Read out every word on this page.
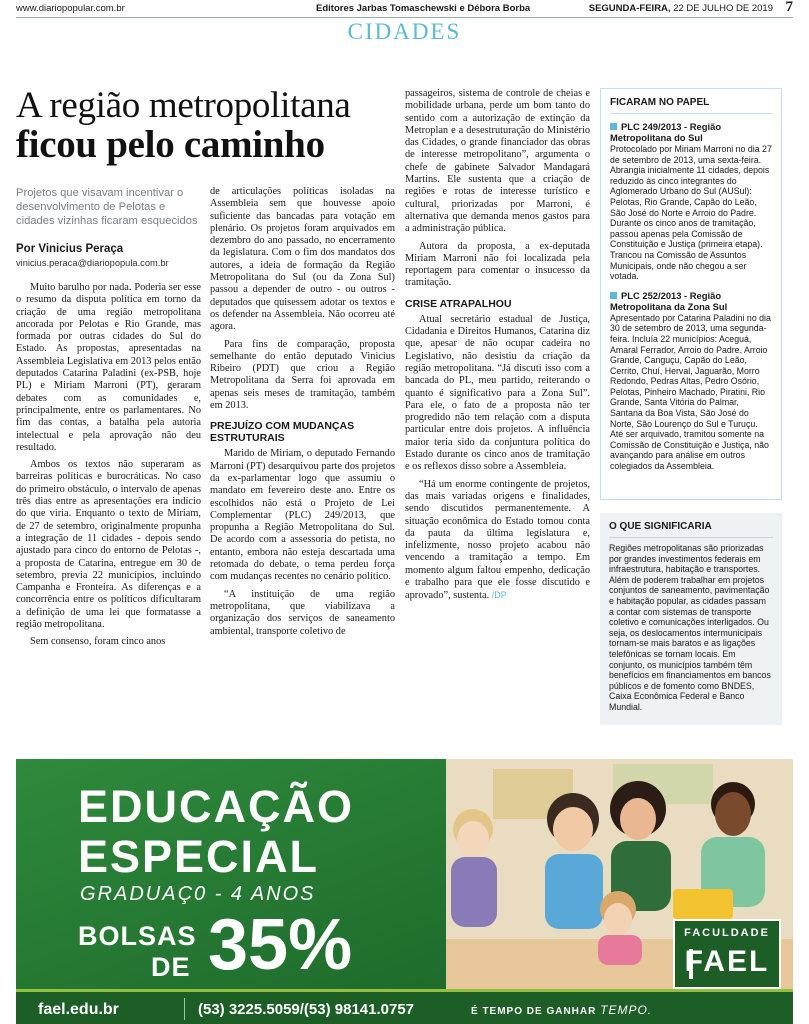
www.diariopopular.com.br	Editores Jarbas Tomaschewski e Débora Borba	SEGUNDA-FEIRA, 22 DE JULHO DE 2019 7
CIDADES
A região metropolitana
ficou pelo caminho

Projetos que visavam incentivar o desenvolvimento de Pelotas e cidades vizinhas ficaram esquecidos

Por Vinicius Peraça
vinicius.peraca@diariopopula.com.br

Muito barulho por nada. Poderia ser esse o resumo da disputa política em torno da criação de uma região metropolitana ancorada por Pelotas e Rio Grande, mas formada por outras cidades do Sul do Estado. As propostas, apresentadas na Assembleia Legislativa em 2013 pelos então deputados Catarina Paladini (ex-PSB, hoje PL) e Miriam Marroni (PT), geraram debates com as comunidades e, principalmente, entre os parlamentares. No fim das contas, a batalha pela autoria intelectual e pela aprovação não deu resultado.

Ambos os textos não superaram as barreiras políticas e burocráticas. No caso do primeiro obstáculo, o intervalo de apenas três dias entre as apresentações era indício do que viria. Enquanto o texto de Miriam, de 27 de setembro, originalmente propunha a integração de 11 cidades - depois sendo ajustado para cinco do entorno de Pelotas -, a proposta de Catarina, entregue em 30 de setembro, previa 22 municípios, incluindo Campanha e Fronteira. As diferenças e a concorrência entre os políticos dificultaram a definição de uma lei que formatasse a região metropolitana.

Sem consenso, foram cinco anos

de articulações políticas isoladas na Assembleia sem que houvesse apoio suficiente das bancadas para votação em plenário. Os projetos foram arquivados em dezembro do ano passado, no encerramento da legislatura. Com o fim dos mandatos dos autores, a ideia de formação da Região Metropolitana do Sul (ou da Zona Sul) passou a depender de outro - ou outros - deputados que quisessem adotar os textos e os defender na Assembleia. Não ocorreu até agora.

Para fins de comparação, proposta semelhante do então deputado Vinicius Ribeiro (PDT) que criou a Região Metropolitana da Serra foi aprovada em apenas seis meses de tramitação, também em 2013.

PREJUÍZO COM MUDANÇAS ESTRUTURAIS

Marido de Miriam, o deputado Fernando Marroni (PT) desarquivou parte dos projetos da ex-parlamentar logo que assumiu o mandato em fevereiro deste ano. Entre os escolhidos não está o Projeto de Lei Complementar (PLC) 249/2013, que propunha a Região Metropolitana do Sul. De acordo com a assessoria do petista, no entanto, embora não esteja descartada uma retomada do debate, o tema perdeu força com mudanças recentes no cenário político.

“A instituição de uma região metropolitana, que viabilizava a organização dos serviços de saneamento ambiental, transporte coletivo de

passageiros, sistema de controle de cheias e mobilidade urbana, perde um bom tanto do sentido com a autorização de extinção da Metroplan e a desestruturação do Ministério das Cidades, o grande financiador das obras de interesse metropolitano”, argumenta o chefe de gabinete Salvador Mandagará Martins. Ele sustenta que a criação de regiões e rotas de interesse turístico e cultural, priorizadas por Marroni, é alternativa que demanda menos gastos para a administração pública.

Autora da proposta, a ex-deputada Miriam Marroni não foi localizada pela reportagem para comentar o insucesso da tramitação.

CRISE ATRAPALHOU

Atual secretário estadual de Justiça, Cidadania e Direitos Humanos, Catarina diz que, apesar de não ocupar cadeira no Legislativo, não desistiu da criação da região metropolitana. “Já discuti isso com a bancada do PL, meu partido, reiterando o quanto é significativo para a Zona Sul”. Para ele, o fato de a proposta não ter progredido não tem relação com a disputa particular entre dois projetos. A influência maior teria sido da conjuntura política do Estado durante os cinco anos de tramitação e os reflexos disso sobre a Assembleia.

“Há um enorme contingente de projetos, das mais variadas origens e finalidades, sendo discutidos permanentemente. A situação econômica do Estado tomou conta da pauta da última legislatura e, infelizmente, nosso projeto acabou não vencendo a tramitação a tempo. Em momento algum faltou empenho, dedicação e trabalho para que ele fosse discutido e aprovado”, sustenta. /DP

FICARAM NO PAPEL
PLC 249/2013 - Região Metropolitana do Sul
Protocolado por Miriam Marroni no dia 27 de setembro de 2013, uma sexta-feira. Abrangia inicialmente 11 cidades, depois reduzido às cinco integrantes do Aglomerado Urbano do Sul (AUSul): Pelotas, Rio Grande, Capão do Leão, São José do Norte e Arroio do Padre. Durante os cinco anos de tramitação, passou apenas pela Comissão de Constituição e Justiça (primeira etapa). Trancou na Comissão de Assuntos Municipais, onde não chegou a ser votada.
PLC 252/2013 - Região Metropolitana da Zona Sul
Apresentado por Catarina Paladini no dia 30 de setembro de 2013, uma segunda-feira. Incluía 22 municípios: Aceguá, Amaral Ferrador, Arroio do Padre, Arroio Grande, Canguçu, Capão do Leão, Cerrito, Chuí, Herval, Jaguarão, Morro Redondo, Pedras Altas, Pedro Osório, Pelotas, Pinheiro Machado, Piratini, Rio Grande, Santa Vitória do Palmar, Santana da Boa Vista, São José do Norte, São Lourenço do Sul e Turuçu. Até ser arquivado, tramitou somente na Comissão de Constituição e Justiça, não avançando para análise em outros colegiados da Assembleia.
O QUE SIGNIFICARIA
Regiões metropolitanas são priorizadas por grandes investimentos federais em infraestrutura, habitação e transportes. Além de poderem trabalhar em projetos conjuntos de saneamento, pavimentação e habitação popular, as cidades passam a contar com sistemas de transporte coletivo e comunicações interligados. Ou seja, os deslocamentos intermunicipais tornam-se mais baratos e as ligações telefônicas se tornam locais. Em conjunto, os municípios também têm benefícios em financiamentos em bancos públicos e de fomento como BNDES, Caixa Econômica Federal e Banco Mundial.
EDUCAÇÃO
ESPECIAL
GRADUAÇ0 - 4 ANOS
BOLSAS
DE 35%	FACULDADE
FAEL
fael.edu.br	(53) 3225.5059/(53) 98141.0757	É TEMPO DE GANHAR TEMPO.
